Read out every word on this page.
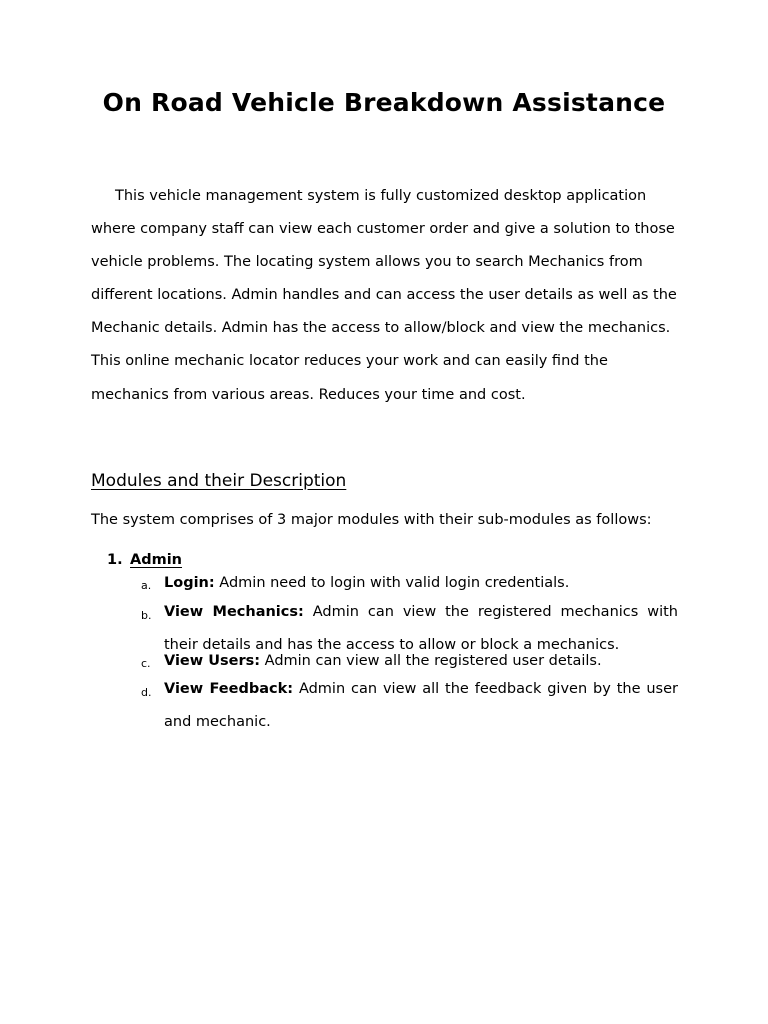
On Road Vehicle Breakdown Assistance

This vehicle management system is fully customized desktop application where company staff can view each customer order and give a solution to those vehicle problems. The locating system allows you to search Mechanics from different locations. Admin handles and can access the user details as well as the Mechanic details. Admin has the access to allow/block and view the mechanics. This online mechanic locator reduces your work and can easily find the mechanics from various areas. Reduces your time and cost.

Modules and their Description

The system comprises of 3 major modules with their sub-modules as follows:

1. Admin

a. Login: Admin need to login with valid login credentials.

b. View Mechanics: Admin can view the registered mechanics with their details and has the access to allow or block a mechanics.

c. View Users: Admin can view all the registered user details.

d. View Feedback: Admin can view all the feedback given by the user and mechanic.
